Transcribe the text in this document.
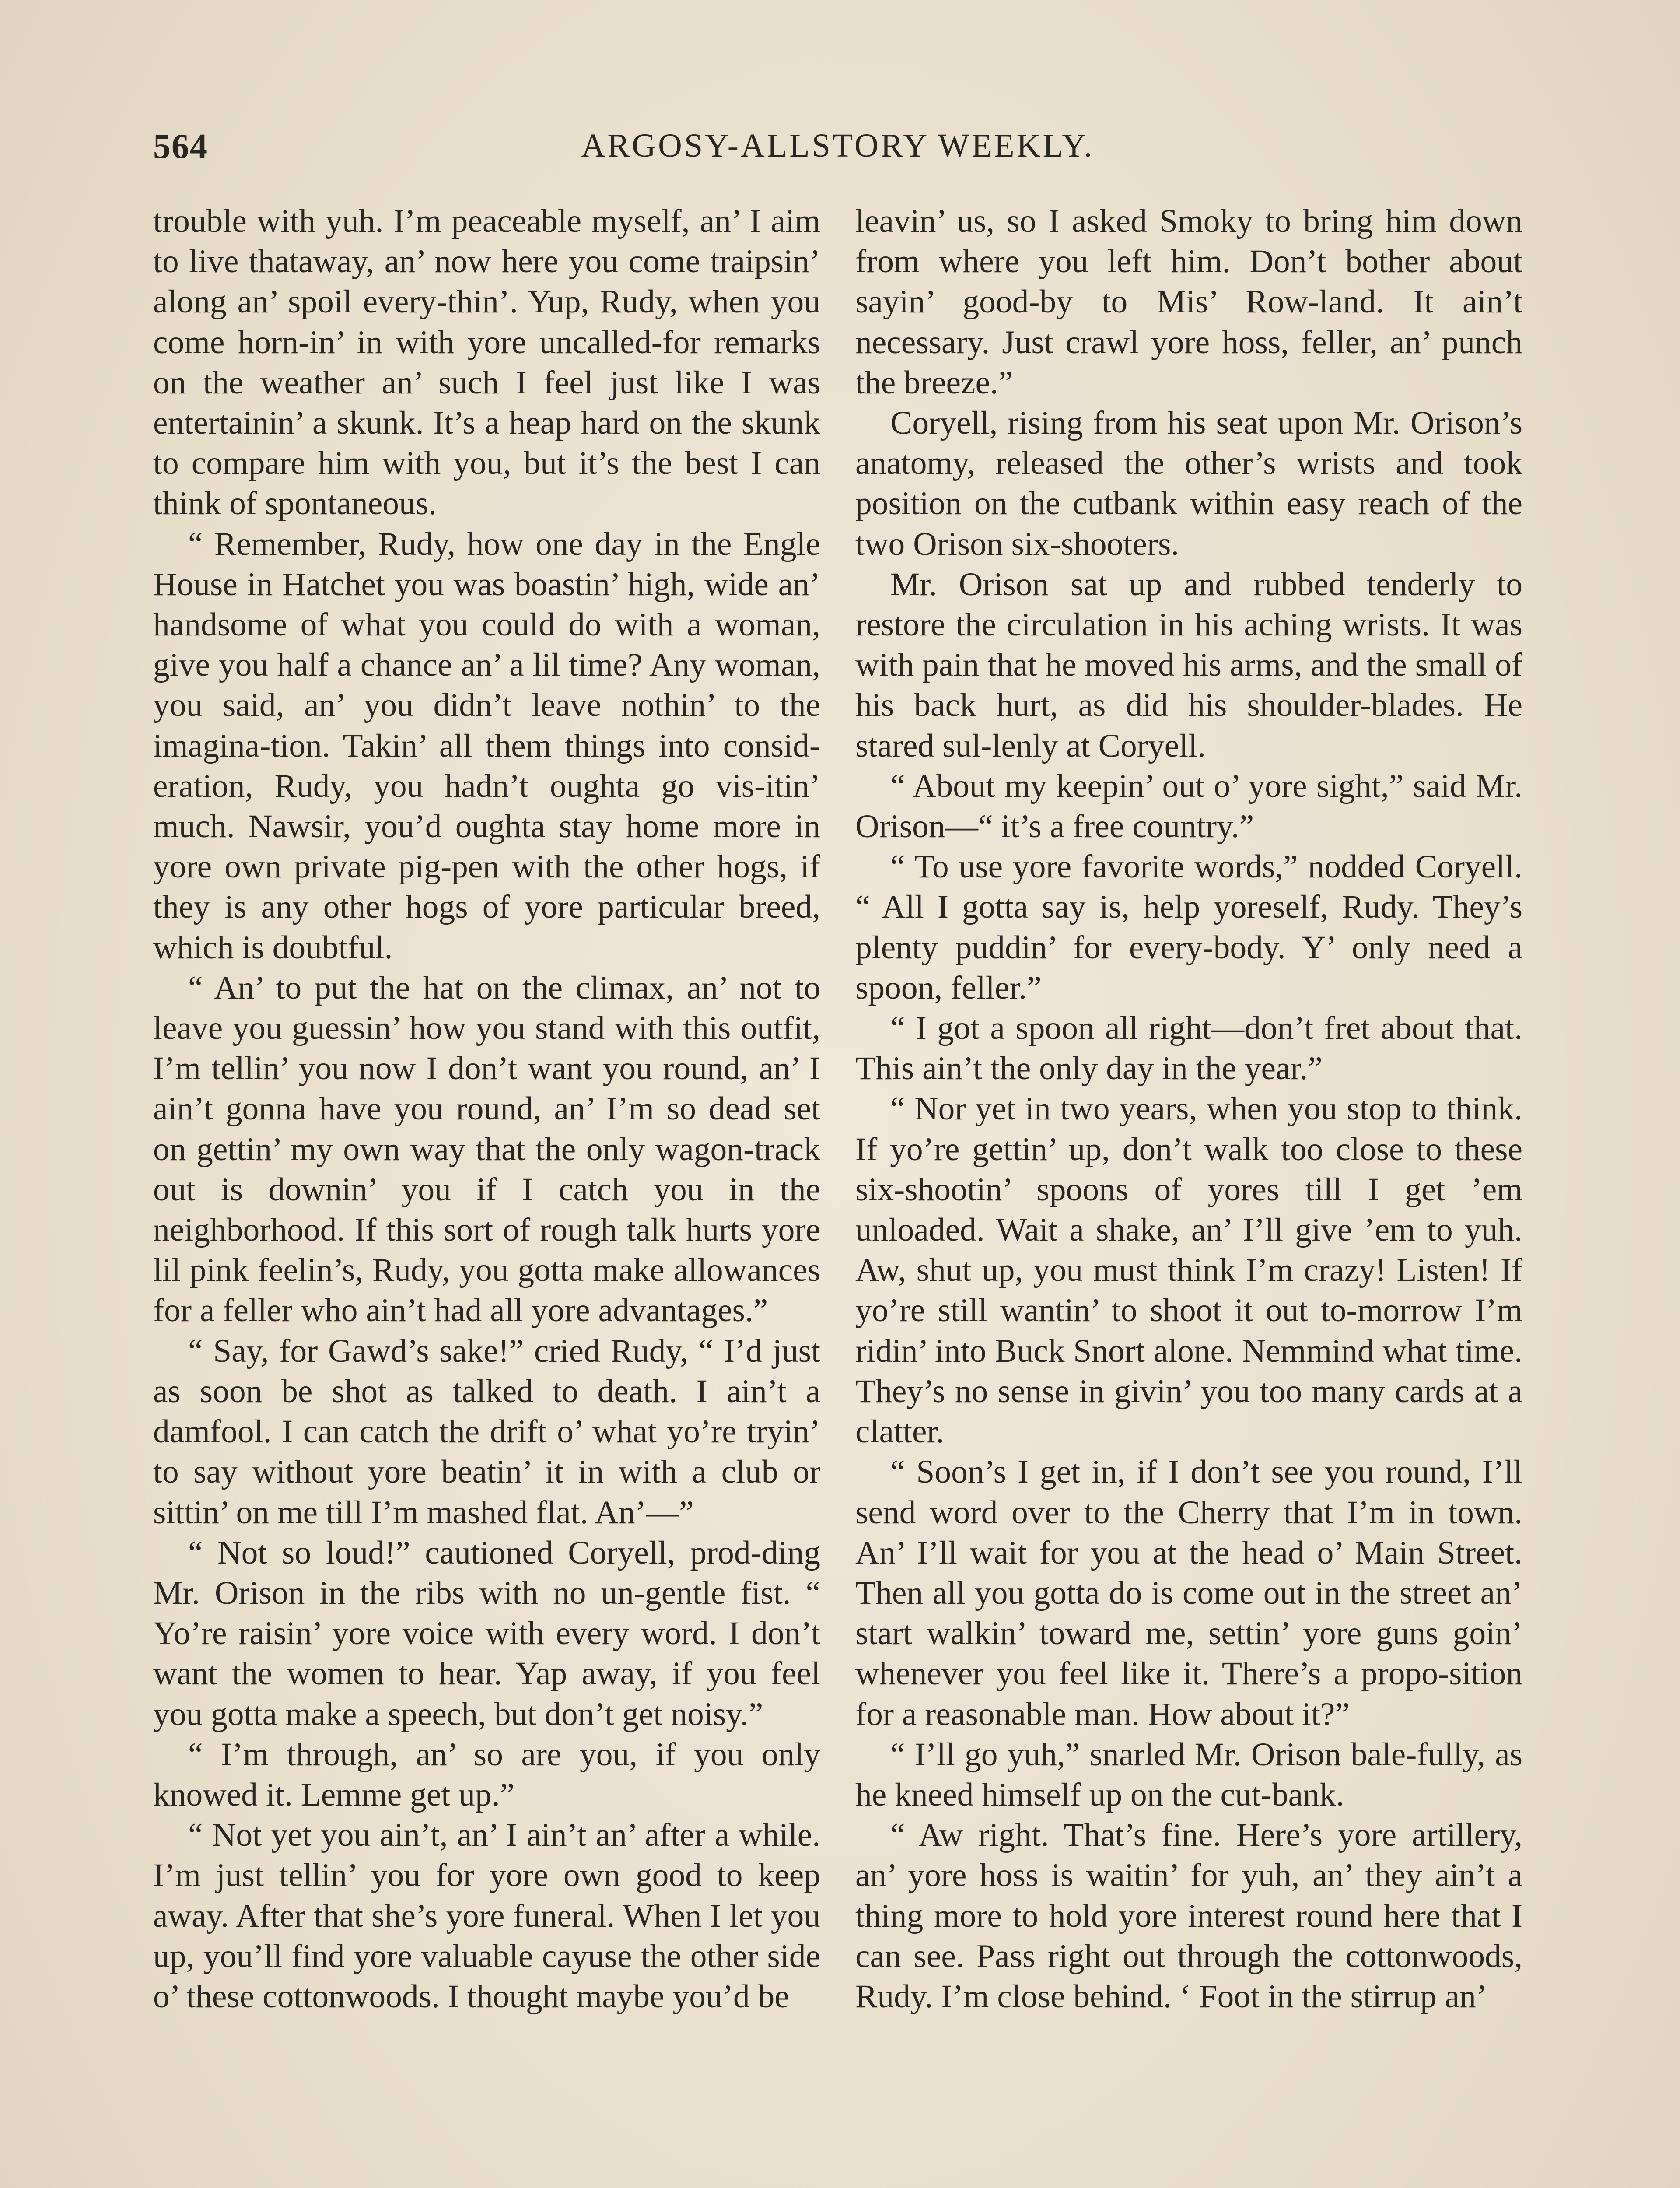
564	ARGOSY-ALLSTORY WEEKLY.

trouble with yuh. I’m peaceable myself, an’ I aim to live thataway, an’ now here you come traipsin’ along an’ spoil every-thin’. Yup, Rudy, when you come horn-in’ in with yore uncalled-for remarks on the weather an’ such I feel just like I was entertainin’ a skunk. It’s a heap hard on the skunk to compare him with you, but it’s the best I can think of spontaneous.

“ Remember, Rudy, how one day in the Engle House in Hatchet you was boastin’ high, wide an’ handsome of what you could do with a woman, give you half a chance an’ a lil time? Any woman, you said, an’ you didn’t leave nothin’ to the imagina-tion. Takin’ all them things into consid-eration, Rudy, you hadn’t oughta go vis-itin’ much. Nawsir, you’d oughta stay home more in yore own private pig-pen with the other hogs, if they is any other hogs of yore particular breed, which is doubtful.

“ An’ to put the hat on the climax, an’ not to leave you guessin’ how you stand with this outfit, I’m tellin’ you now I don’t want you round, an’ I ain’t gonna have you round, an’ I’m so dead set on gettin’ my own way that the only wagon-track out is downin’ you if I catch you in the neighborhood. If this sort of rough talk hurts yore lil pink feelin’s, Rudy, you gotta make allowances for a feller who ain’t had all yore advantages.”

“ Say, for Gawd’s sake!” cried Rudy, “ I’d just as soon be shot as talked to death. I ain’t a damfool. I can catch the drift o’ what yo’re tryin’ to say without yore beatin’ it in with a club or sittin’ on me till I’m mashed flat. An’—”

“ Not so loud!” cautioned Coryell, prod-ding Mr. Orison in the ribs with no un-gentle fist. “ Yo’re raisin’ yore voice with every word. I don’t want the women to hear. Yap away, if you feel you gotta make a speech, but don’t get noisy.”

“ I’m through, an’ so are you, if you only knowed it. Lemme get up.”

“ Not yet you ain’t, an’ I ain’t an’ after a while. I’m just tellin’ you for yore own good to keep away. After that she’s yore funeral. When I let you up, you’ll find yore valuable cayuse the other side o’ these cottonwoods. I thought maybe you’d be

leavin’ us, so I asked Smoky to bring him down from where you left him. Don’t bother about sayin’ good-by to Mis’ Row-land. It ain’t necessary. Just crawl yore hoss, feller, an’ punch the breeze.”

Coryell, rising from his seat upon Mr. Orison’s anatomy, released the other’s wrists and took position on the cutbank within easy reach of the two Orison six-shooters.

Mr. Orison sat up and rubbed tenderly to restore the circulation in his aching wrists. It was with pain that he moved his arms, and the small of his back hurt, as did his shoulder-blades. He stared sul-lenly at Coryell.

“ About my keepin’ out o’ yore sight,” said Mr. Orison—“ it’s a free country.”

“ To use yore favorite words,” nodded Coryell. “ All I gotta say is, help yoreself, Rudy. They’s plenty puddin’ for every-body. Y’ only need a spoon, feller.”

“ I got a spoon all right—don’t fret about that. This ain’t the only day in the year.”

“ Nor yet in two years, when you stop to think. If yo’re gettin’ up, don’t walk too close to these six-shootin’ spoons of yores till I get ’em unloaded. Wait a shake, an’ I’ll give ’em to yuh. Aw, shut up, you must think I’m crazy! Listen! If yo’re still wantin’ to shoot it out to-morrow I’m ridin’ into Buck Snort alone. Nemmind what time. They’s no sense in givin’ you too many cards at a clatter.

“ Soon’s I get in, if I don’t see you round, I’ll send word over to the Cherry that I’m in town. An’ I’ll wait for you at the head o’ Main Street. Then all you gotta do is come out in the street an’ start walkin’ toward me, settin’ yore guns goin’ whenever you feel like it. There’s a propo-sition for a reasonable man. How about it?”

“ I’ll go yuh,” snarled Mr. Orison bale-fully, as he kneed himself up on the cut-bank.

“ Aw right. That’s fine. Here’s yore artillery, an’ yore hoss is waitin’ for yuh, an’ they ain’t a thing more to hold yore interest round here that I can see. Pass right out through the cottonwoods, Rudy. I’m close behind. ‘ Foot in the stirrup an’
